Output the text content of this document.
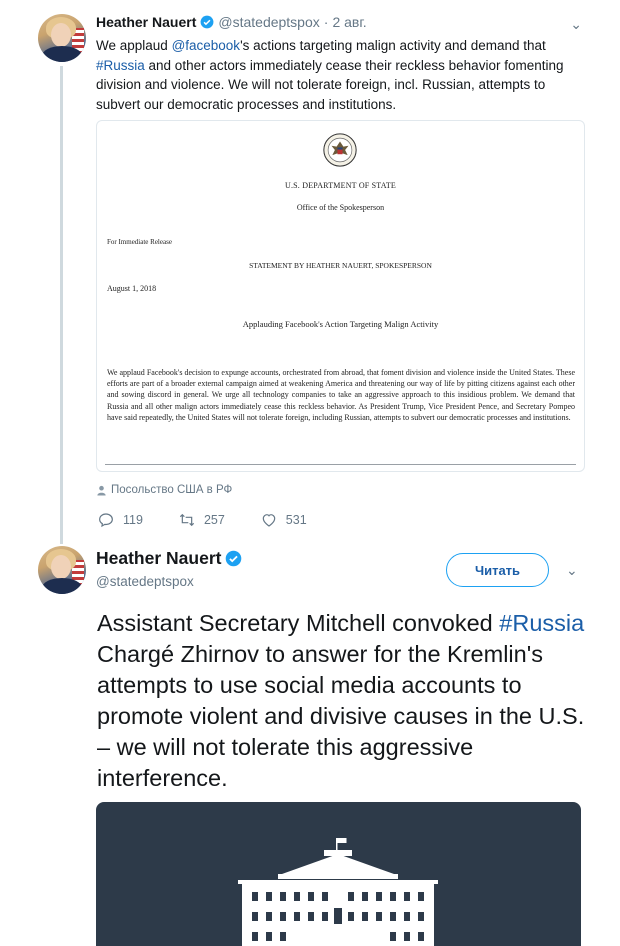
Heather Nauert @statedeptspox · 2 авг.	⌄
We applaud @facebook's actions targeting malign activity and demand that #Russia and other actors immediately cease their reckless behavior fomenting division and violence. We will not tolerate foreign, incl. Russian, attempts to subvert our democratic processes and institutions.
U.S. DEPARTMENT OF STATE
Office of the Spokesperson
For Immediate Release
STATEMENT BY HEATHER NAUERT, SPOKESPERSON
August 1, 2018
Applauding Facebook's Action Targeting Malign Activity
We applaud Facebook's decision to expunge accounts, orchestrated from abroad, that foment division and violence inside the United States. These efforts are part of a broader external campaign aimed at weakening America and threatening our way of life by pitting citizens against each other and sowing discord in general. We urge all technology companies to take an aggressive approach to this insidious problem. We demand that Russia and all other malign actors immediately cease this reckless behavior. As President Trump, Vice President Pence, and Secretary Pompeo have said repeatedly, the United States will not tolerate foreign, including Russian, attempts to subvert our democratic processes and institutions.
Посольство США в РФ
119	257	531
Heather Nauert
@statedeptspox
Читать	⌄
Assistant Secretary Mitchell convoked #Russia Chargé Zhirnov to answer for the Kremlin's attempts to use social media accounts to promote violent and divisive causes in the U.S. – we will not tolerate this aggressive interference.
